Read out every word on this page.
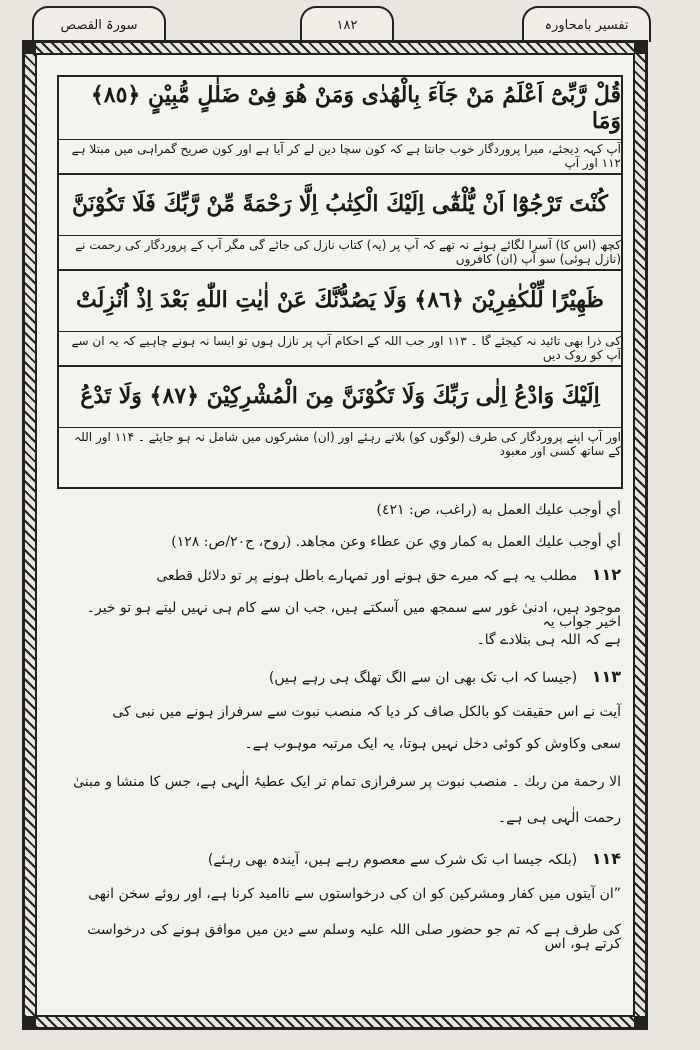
سورۃ القصص	١٨٢	تفسیر بامحاورہ
قُلْ رَّبِّیْٓ اَعْلَمُ مَنْ جَآءَ بِالْهُدٰى وَمَنْ هُوَ فِیْ ضَلٰلٍ مُّبِیْنٍ ﴿٨٥﴾ وَمَا
آپ کہہ دیجئے، میرا پروردگار خوب جانتا ہے کہ کون سچا دین لے کر آیا ہے اور کون صریح گمراہی میں مبتلا ہے ۱۱۲ اور آپ
كُنْتَ تَرْجُوْٓا اَنْ یُّلْقٰٓى اِلَیْكَ الْكِتٰبُ اِلَّا رَحْمَةً مِّنْ رَّبِّكَ فَلَا تَكُوْنَنَّ
کچھ (اس کا) آسرا لگائے ہوئے نہ تھے کہ آپ پر (یہ) کتاب نازل کی جائے گی مگر آپ کے پروردگار کی رحمت نے (نازل ہوئی) سو آپ (ان) کافروں
ظَهِیْرًا لِّلْكٰفِرِیْنَ ﴿٨٦﴾ وَلَا یَصُدُّنَّكَ عَنْ اٰیٰتِ اللّٰهِ بَعْدَ اِذْ اُنْزِلَتْ
کی ذرا بھی تائید نہ کیجئے گا ۔ ۱۱۳ اور جب اللہ کے احکام آپ پر نازل ہوں تو ایسا نہ ہونے چاہیے کہ یہ ان سے آپ کو روک دیں
اِلَیْكَ وَادْعُ اِلٰى رَبِّكَ وَلَا تَكُوْنَنَّ مِنَ الْمُشْرِكِیْنَ ﴿٨٧﴾ وَلَا تَدْعُ
اور آپ اپنے پروردگار کی طرف (لوگوں کو) بلاتے رہئے اور (ان) مشرکوں میں شامل نہ ہو جایئے ۔ ۱۱۴ اور اللہ کے ساتھ کسی اور معبود
أي أوجب عليك العمل به (راغب، ص: ٤٢١)
أي أوجب عليك العمل به كمار وي عن عطاء وعن مجاهد. (روح، ج۲۰/ص: ۱۲۸)
۱۱۲ مطلب یہ ہے کہ میرے حق ہونے اور تمہارے باطل ہونے پر تو دلائل قطعی
موجود ہیں، ادنیٰ غور سے سمجھ میں آسکتے ہیں، جب ان سے کام ہی نہیں لیتے ہو تو خیر۔ اخیر جواب یہ
ہے کہ اللہ ہی بتلادے گا۔
۱۱۳ (جیسا کہ اب تک بھی ان سے الگ تھلگ ہی رہے ہیں)
آیت نے اس حقیقت کو بالکل صاف کر دیا کہ منصب نبوت سے سرفراز ہونے میں نبی کی
سعی وکاوش کو کوئی دخل نہیں ہوتا، یہ ایک مرتبہ موہوب ہے۔
الا رحمة من ربك ۔ منصب نبوت پر سرفرازی تمام تر ایک عطیۂ الٰہی ہے، جس کا منشا و مبنیٰ
رحمت الٰہی ہی ہے۔
۱۱۴ (بلکہ جیسا اب تک شرک سے معصوم رہے ہیں، آیندہ بھی رہئے)
”ان آیتوں میں کفار ومشرکین کو ان کی درخواستوں سے ناامید کرنا ہے، اور روئے سخن انھی
کی طرف ہے کہ تم جو حضور صلی اللہ علیہ وسلم سے دین میں موافق ہونے کی درخواست کرتے ہو، اس
